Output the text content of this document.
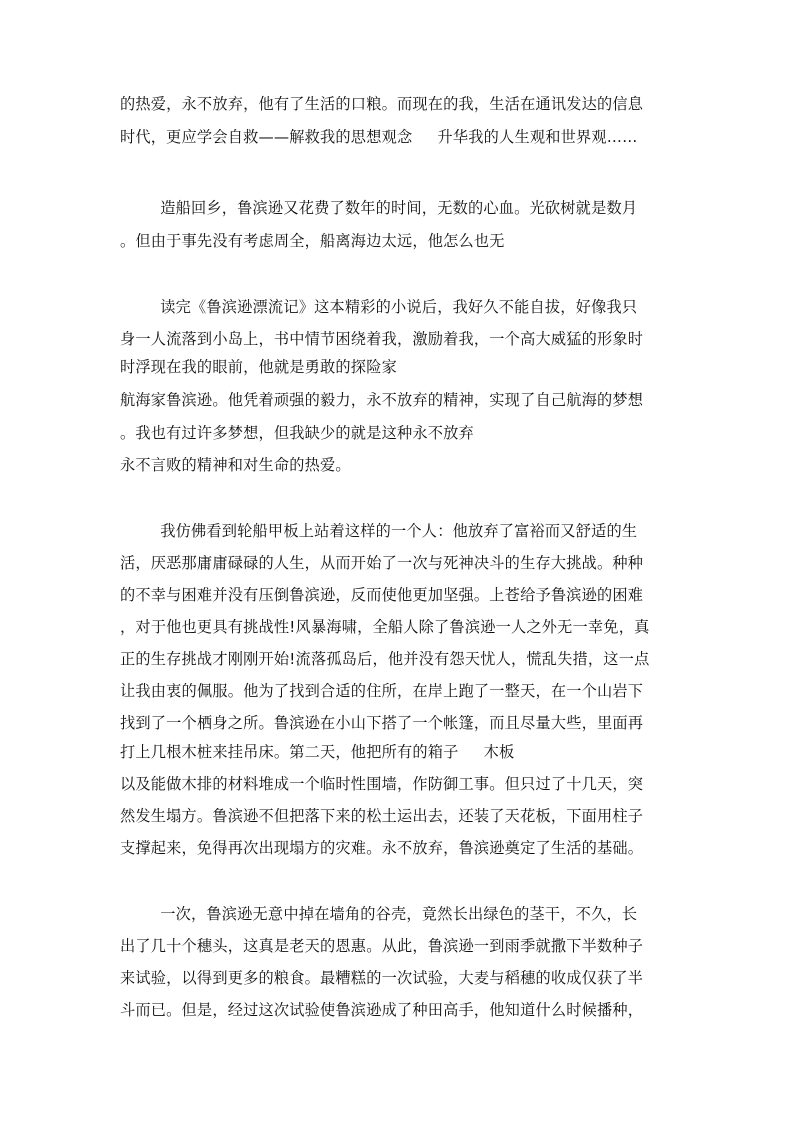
的热爱，永不放弃，他有了生活的口粮。而现在的我，生活在通讯发达的信息
时代，更应学会自救——解救我的思想观念     升华我的人生观和世界观……
造船回乡，鲁滨逊又花费了数年的时间，无数的心血。光砍树就是数月
。但由于事先没有考虑周全，船离海边太远，他怎么也无
读完《鲁滨逊漂流记》这本精彩的小说后，我好久不能自拔，好像我只
身一人流落到小岛上，书中情节困绕着我，激励着我，一个高大威猛的形象时
时浮现在我的眼前，他就是勇敢的探险家
航海家鲁滨逊。他凭着顽强的毅力，永不放弃的精神，实现了自己航海的梦想
。我也有过许多梦想，但我缺少的就是这种永不放弃
永不言败的精神和对生命的热爱。
我仿佛看到轮船甲板上站着这样的一个人：他放弃了富裕而又舒适的生
活，厌恶那庸庸碌碌的人生，从而开始了一次与死神决斗的生存大挑战。种种
的不幸与困难并没有压倒鲁滨逊，反而使他更加坚强。上苍给予鲁滨逊的困难
，对于他也更具有挑战性!风暴海啸，全船人除了鲁滨逊一人之外无一幸免，真
正的生存挑战才刚刚开始!流落孤岛后，他并没有怨天忧人，慌乱失措，这一点
让我由衷的佩服。他为了找到合适的住所，在岸上跑了一整天，在一个山岩下
找到了一个栖身之所。鲁滨逊在小山下搭了一个帐篷，而且尽量大些，里面再
打上几根木桩来挂吊床。第二天，他把所有的箱子     木板
以及能做木排的材料堆成一个临时性围墙，作防御工事。但只过了十几天，突
然发生塌方。鲁滨逊不但把落下来的松土运出去，还装了天花板，下面用柱子
支撑起来，免得再次出现塌方的灾难。永不放弃，鲁滨逊奠定了生活的基础。
一次，鲁滨逊无意中掉在墙角的谷壳，竟然长出绿色的茎干，不久，长
出了几十个穗头，这真是老天的恩惠。从此，鲁滨逊一到雨季就撒下半数种子
来试验，以得到更多的粮食。最糟糕的一次试验，大麦与稻穗的收成仅获了半
斗而已。但是，经过这次试验使鲁滨逊成了种田高手，他知道什么时候播种，
